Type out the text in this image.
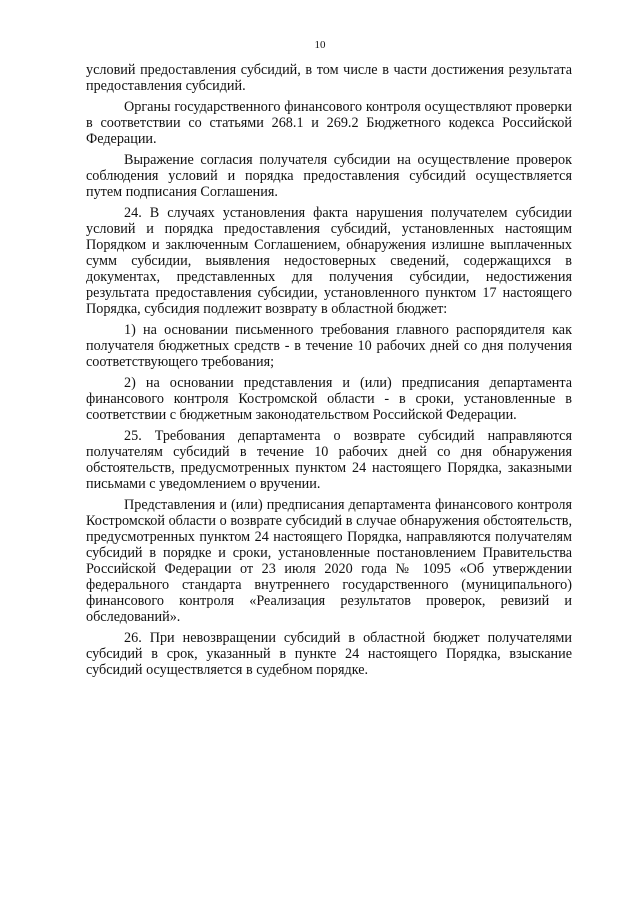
10

условий предоставления субсидий, в том числе в части достижения результата предоставления субсидий.

Органы государственного финансового контроля осуществляют проверки в соответствии со статьями 268.1 и 269.2 Бюджетного кодекса Российской Федерации.

Выражение согласия получателя субсидии на осуществление проверок соблюдения условий и порядка предоставления субсидий осуществляется путем подписания Соглашения.

24. В случаях установления факта нарушения получателем субсидии условий и порядка предоставления субсидий, установленных настоящим Порядком и заключенным Соглашением, обнаружения излишне выплаченных сумм субсидии, выявления недостоверных сведений, содержащихся в документах, представленных для получения субсидии, недостижения результата предоставления субсидии, установленного пунктом 17 настоящего Порядка, субсидия подлежит возврату в областной бюджет:

1) на основании письменного требования главного распорядителя как получателя бюджетных средств - в течение 10 рабочих дней со дня получения соответствующего требования;

2) на основании представления и (или) предписания департамента финансового контроля Костромской области - в сроки, установленные в соответствии с бюджетным законодательством Российской Федерации.

25. Требования департамента о возврате субсидий направляются получателям субсидий в течение 10 рабочих дней со дня обнаружения обстоятельств, предусмотренных пунктом 24 настоящего Порядка, заказными письмами с уведомлением о вручении.

Представления и (или) предписания департамента финансового контроля Костромской области о возврате субсидий в случае обнаружения обстоятельств, предусмотренных пунктом 24 настоящего Порядка, направляются получателям субсидий в порядке и сроки, установленные постановлением Правительства Российской Федерации от 23 июля 2020 года № 1095 «Об утверждении федерального стандарта внутреннего государственного (муниципального) финансового контроля «Реализация результатов проверок, ревизий и обследований».

26. При невозвращении субсидий в областной бюджет получателями субсидий в срок, указанный в пункте 24 настоящего Порядка, взыскание субсидий осуществляется в судебном порядке.
